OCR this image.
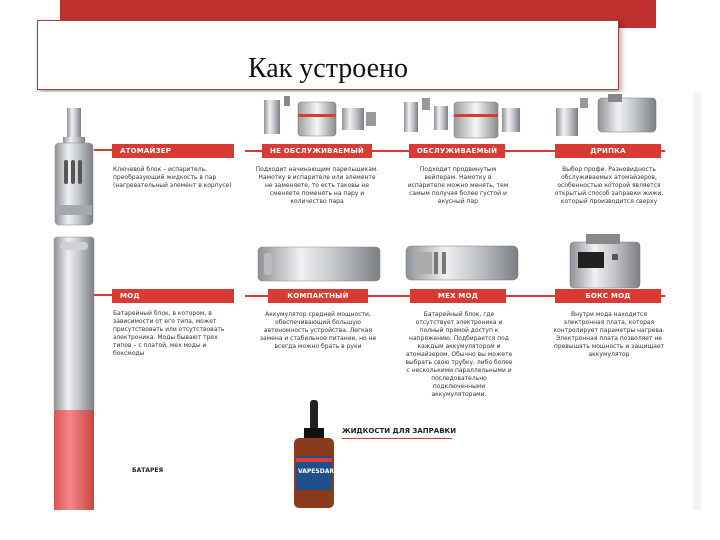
Как устроено
АТОМАЙЗЕР
Ключевой блок – испаритель, преобразующий жидкость в пар (нагревательный элемент в корпусе)
НЕ ОБСЛУЖИВАЕМЫЙ	ОБСЛУЖИВАЕМЫЙ	ДРИПКА
Подходит начинающим парильщикам. Намотку в испарителе или элементе не заменяете, то есть таковы не сменяете поменять на пару и количество пара
Подходит продвинутым вейперам. Намотку в испарителе можно менять, тем самым получая более густой и вкусный пар
Выбор профи. Разновидность обслуживаемых атомайзеров, особенностью которой является открытый способ заправки жижи, который производится сверху
МОД
Батарейный блок, в котором, в зависимости от его типа, может присутствовать или отсутствовать электроника. Моды бывают трех типов – с платой, мех моды и боксмоды
КОМПАКТНЫЙ	МЕХ МОД	БОКС МОД
Аккумулятор средней мощности, обеспечивающий большую автономность устройства. Легкая замена и стабильное питание, но не всегда можно брать в руки
Батарейный блок, где отсутствует электроника и полный прямой доступ к напряжению. Подбирается под каждым аккумулятором и атомайзером. Обычно вы можете выбрать свою трубку, либо более с несколькими параллельными и последовательно подключенными аккумуляторами.
Внутри мода находится электронная плата, которая контролирует параметры нагрева. Электронная плата позволяет не превышать мощность и защищает аккумулятор
VAPESDAR
ЖИДКОСТИ ДЛЯ ЗАПРАВКИ
БАТАРЕЯ
